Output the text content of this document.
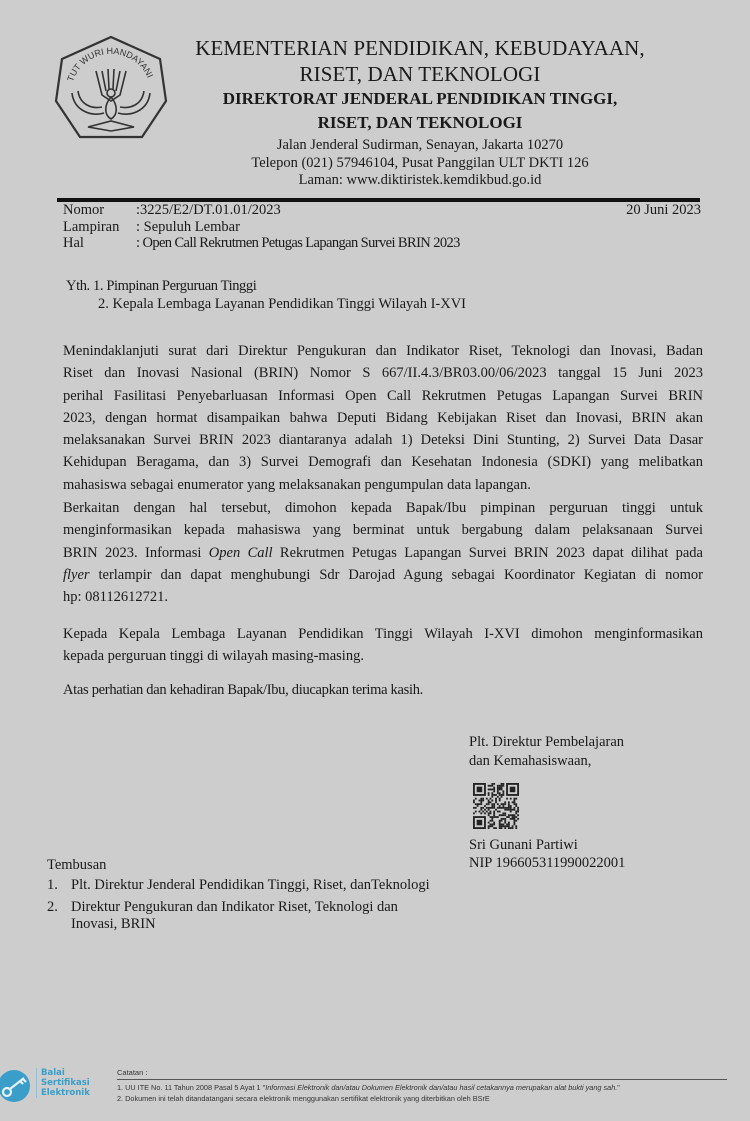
TUT WURI HANDAYANI
KEMENTERIAN PENDIDIKAN, KEBUDAYAAN,
RISET, DAN TEKNOLOGI
DIREKTORAT JENDERAL PENDIDIKAN TINGGI,
RISET, DAN TEKNOLOGI
Jalan Jenderal Sudirman, Senayan, Jakarta 10270
Telepon (021) 57946104, Pusat Panggilan ULT DKTI 126
Laman: www.diktiristek.kemdikbud.go.id
Nomor :3225/E2/DT.01.01/2023
Lampiran : Sepuluh Lembar
Hal	: Open Call Rekrutmen Petugas Lapangan Survei BRIN 2023
20 Juni 2023
Yth. 1. Pimpinan Perguruan Tinggi
2. Kepala Lembaga Layanan Pendidikan Tinggi Wilayah I-XVI
Menindaklanjuti surat dari Direktur Pengukuran dan Indikator Riset, Teknologi dan Inovasi, Badan
Riset dan Inovasi Nasional (BRIN) Nomor S 667/II.4.3/BR03.00/06/2023 tanggal 15 Juni 2023
perihal Fasilitasi Penyebarluasan Informasi Open Call Rekrutmen Petugas Lapangan Survei BRIN
2023, dengan hormat disampaikan bahwa Deputi Bidang Kebijakan Riset dan Inovasi, BRIN akan
melaksanakan Survei BRIN 2023 diantaranya adalah 1) Deteksi Dini Stunting, 2) Survei Data Dasar
Kehidupan Beragama, dan 3) Survei Demografi dan Kesehatan Indonesia (SDKI) yang melibatkan
mahasiswa sebagai enumerator yang melaksanakan pengumpulan data lapangan.
Berkaitan dengan hal tersebut, dimohon kepada Bapak/Ibu pimpinan perguruan tinggi untuk
menginformasikan kepada mahasiswa yang berminat untuk bergabung dalam pelaksanaan Survei
BRIN 2023. Informasi Open Call Rekrutmen Petugas Lapangan Survei BRIN 2023 dapat dilihat pada
flyer terlampir dan dapat menghubungi Sdr Darojad Agung sebagai Koordinator Kegiatan di nomor
hp: 08112612721.
Kepada Kepala Lembaga Layanan Pendidikan Tinggi Wilayah I-XVI dimohon menginformasikan
kepada perguruan tinggi di wilayah masing-masing.
Atas perhatian dan kehadiran Bapak/Ibu, diucapkan terima kasih.
Plt. Direktur Pembelajaran
dan Kemahasiswaan,
Sri Gunani Partiwi
NIP 196605311990022001
Tembusan
1. Plt. Direktur Jenderal Pendidikan Tinggi, Riset, danTeknologi
2. Direktur Pengukuran dan Indikator Riset, Teknologi dan
Inovasi, BRIN
Balai
Sertifikasi
Elektronik
Catatan :
1. UU ITE No. 11 Tahun 2008 Pasal 5 Ayat 1 "Informasi Elektronik dan/atau Dokumen Elektronik dan/atau hasil cetakannya merupakan alat bukti yang sah."
2. Dokumen ini telah ditandatangani secara elektronik menggunakan sertifikat elektronik yang diterbitkan oleh BSrE
